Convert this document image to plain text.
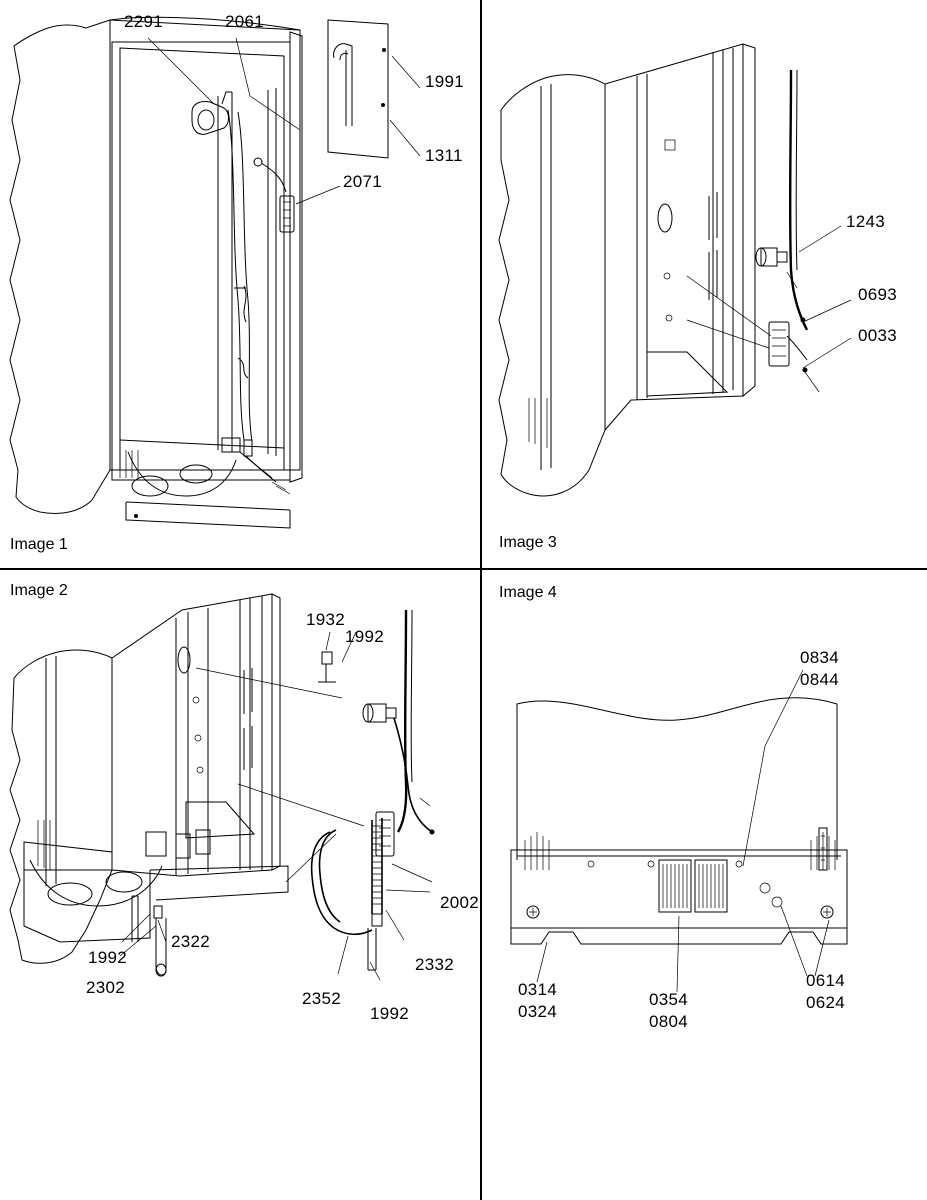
2291	2061
1991
1311
2071
Image 1
1243
0693
0033
Image 3
1932
1992
2002
2322
2332
1992
2302
2352
1992
Image 2
0834
0844
0314
0324
0354
0804
0614
0624
Image 4
